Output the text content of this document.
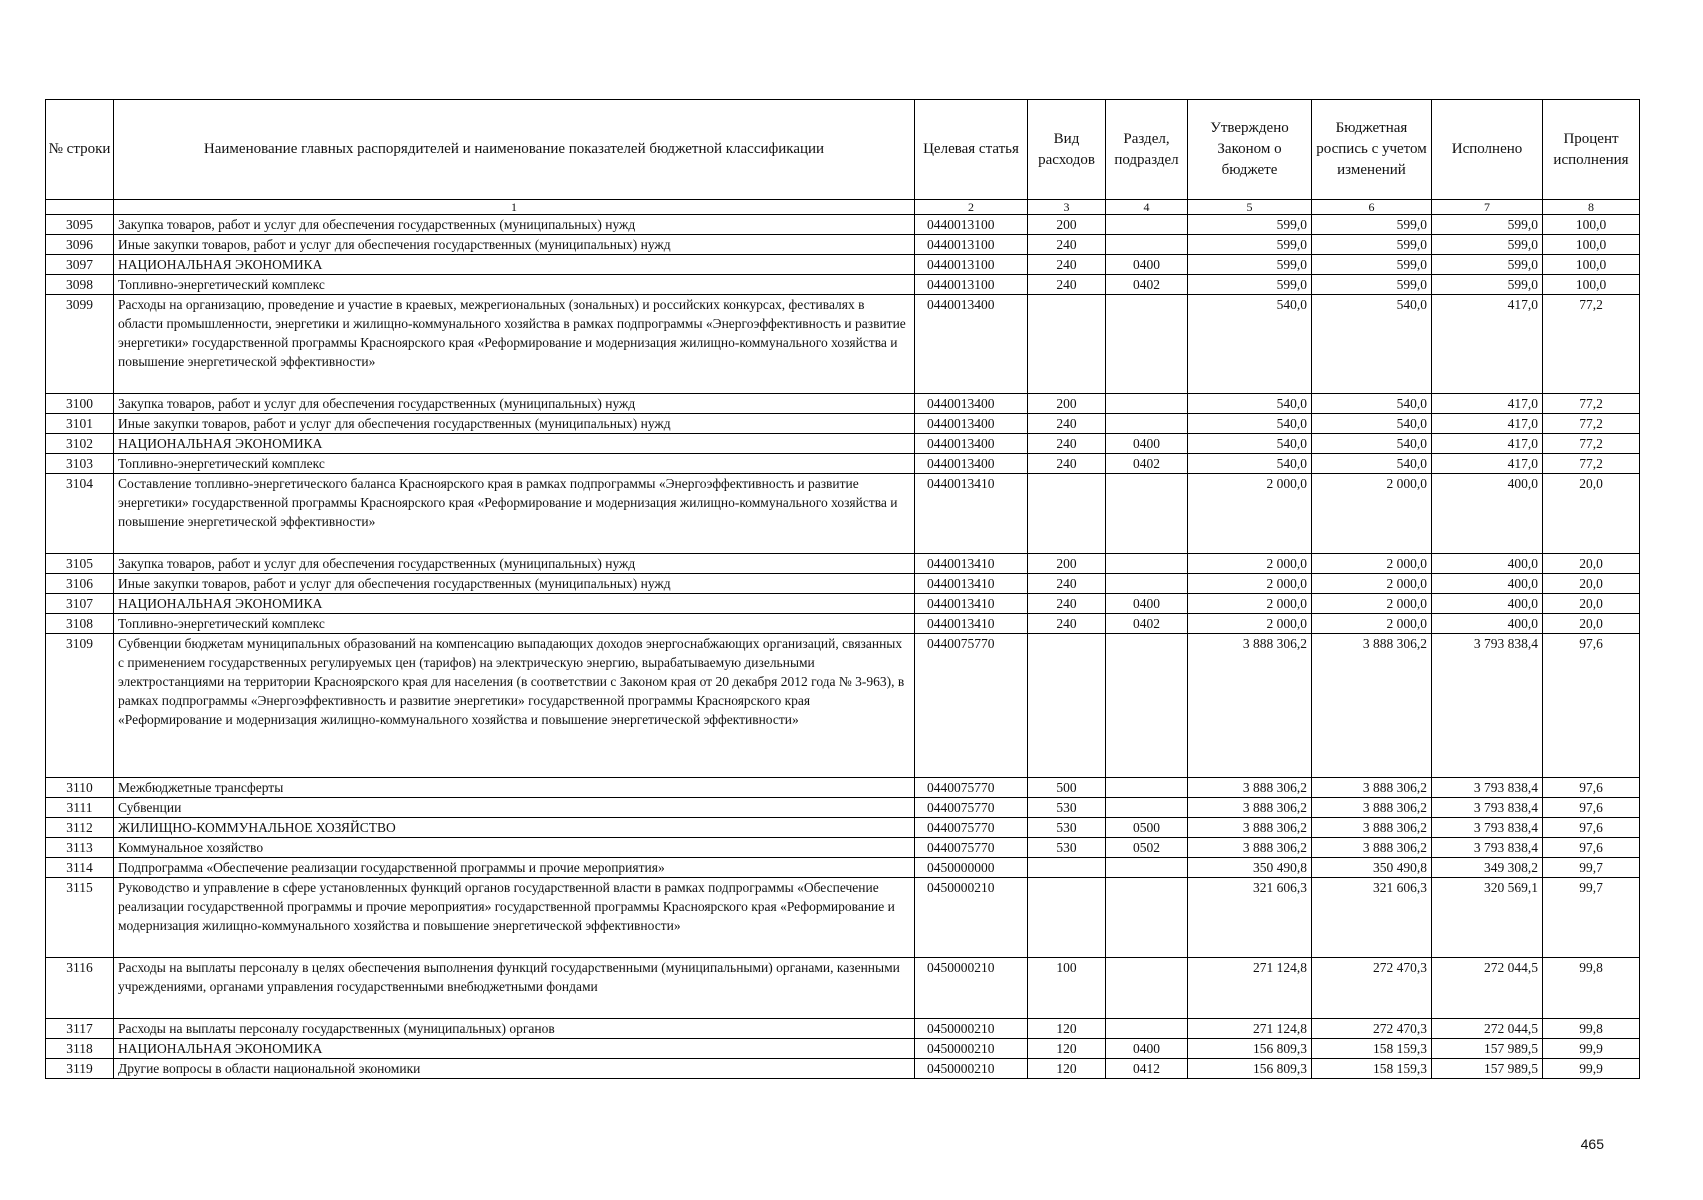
№ строки	Наименование главных распорядителей и наименование показателей бюджетной классификации	Целевая статья	Вид расходов	Раздел, подраздел	Утверждено Законом о бюджете	Бюджетная роспись с учетом изменений	Исполнено	Процент исполнения
	1	2	3	4	5	6	7	8
3095	Закупка товаров, работ и услуг для обеспечения государственных (муниципальных) нужд	0440013100	200		599,0	599,0	599,0	100,0
3096	Иные закупки товаров, работ и услуг для обеспечения государственных (муниципальных) нужд	0440013100	240		599,0	599,0	599,0	100,0
3097	НАЦИОНАЛЬНАЯ ЭКОНОМИКА	0440013100	240	0400	599,0	599,0	599,0	100,0
3098	Топливно-энергетический комплекс	0440013100	240	0402	599,0	599,0	599,0	100,0
3099	Расходы на организацию, проведение и участие в краевых, межрегиональных (зональных) и российских конкурсах, фестивалях в области промышленности, энергетики и жилищно-коммунального хозяйства в рамках подпрограммы «Энергоэффективность и развитие энергетики» государственной программы Красноярского края «Реформирование и модернизация жилищно-коммунального хозяйства и повышение энергетической эффективности»	0440013400			540,0	540,0	417,0	77,2
3100	Закупка товаров, работ и услуг для обеспечения государственных (муниципальных) нужд	0440013400	200		540,0	540,0	417,0	77,2
3101	Иные закупки товаров, работ и услуг для обеспечения государственных (муниципальных) нужд	0440013400	240		540,0	540,0	417,0	77,2
3102	НАЦИОНАЛЬНАЯ ЭКОНОМИКА	0440013400	240	0400	540,0	540,0	417,0	77,2
3103	Топливно-энергетический комплекс	0440013400	240	0402	540,0	540,0	417,0	77,2
3104	Составление топливно-энергетического баланса Красноярского края в рамках подпрограммы «Энергоэффективность и развитие энергетики» государственной программы Красноярского края «Реформирование и модернизация жилищно-коммунального хозяйства и повышение энергетической эффективности»	0440013410			2 000,0	2 000,0	400,0	20,0
3105	Закупка товаров, работ и услуг для обеспечения государственных (муниципальных) нужд	0440013410	200		2 000,0	2 000,0	400,0	20,0
3106	Иные закупки товаров, работ и услуг для обеспечения государственных (муниципальных) нужд	0440013410	240		2 000,0	2 000,0	400,0	20,0
3107	НАЦИОНАЛЬНАЯ ЭКОНОМИКА	0440013410	240	0400	2 000,0	2 000,0	400,0	20,0
3108	Топливно-энергетический комплекс	0440013410	240	0402	2 000,0	2 000,0	400,0	20,0
3109	Субвенции бюджетам муниципальных образований на компенсацию выпадающих доходов энергоснабжающих организаций, связанных с применением государственных регулируемых цен (тарифов) на электрическую энергию, вырабатываемую дизельными электростанциями на территории Красноярского края для населения (в соответствии с Законом края от 20 декабря 2012 года № 3-963), в рамках подпрограммы «Энергоэффективность и развитие энергетики» государственной программы Красноярского края «Реформирование и модернизация жилищно-коммунального хозяйства и повышение энергетической эффективности»	0440075770			3 888 306,2	3 888 306,2	3 793 838,4	97,6
3110	Межбюджетные трансферты	0440075770	500		3 888 306,2	3 888 306,2	3 793 838,4	97,6
3111	Субвенции	0440075770	530		3 888 306,2	3 888 306,2	3 793 838,4	97,6
3112	ЖИЛИЩНО-КОММУНАЛЬНОЕ ХОЗЯЙСТВО	0440075770	530	0500	3 888 306,2	3 888 306,2	3 793 838,4	97,6
3113	Коммунальное хозяйство	0440075770	530	0502	3 888 306,2	3 888 306,2	3 793 838,4	97,6
3114	Подпрограмма «Обеспечение реализации государственной программы и прочие мероприятия»	0450000000			350 490,8	350 490,8	349 308,2	99,7
3115	Руководство и управление в сфере установленных функций органов государственной власти в рамках подпрограммы «Обеспечение реализации государственной программы и прочие мероприятия» государственной программы Красноярского края «Реформирование и модернизация жилищно-коммунального хозяйства и повышение энергетической эффективности»	0450000210			321 606,3	321 606,3	320 569,1	99,7
3116	Расходы на выплаты персоналу в целях обеспечения выполнения функций государственными (муниципальными) органами, казенными учреждениями, органами управления государственными внебюджетными фондами	0450000210	100		271 124,8	272 470,3	272 044,5	99,8
3117	Расходы на выплаты персоналу государственных (муниципальных) органов	0450000210	120		271 124,8	272 470,3	272 044,5	99,8
3118	НАЦИОНАЛЬНАЯ ЭКОНОМИКА	0450000210	120	0400	156 809,3	158 159,3	157 989,5	99,9
3119	Другие вопросы в области национальной экономики	0450000210	120	0412	156 809,3	158 159,3	157 989,5	99,9
465
